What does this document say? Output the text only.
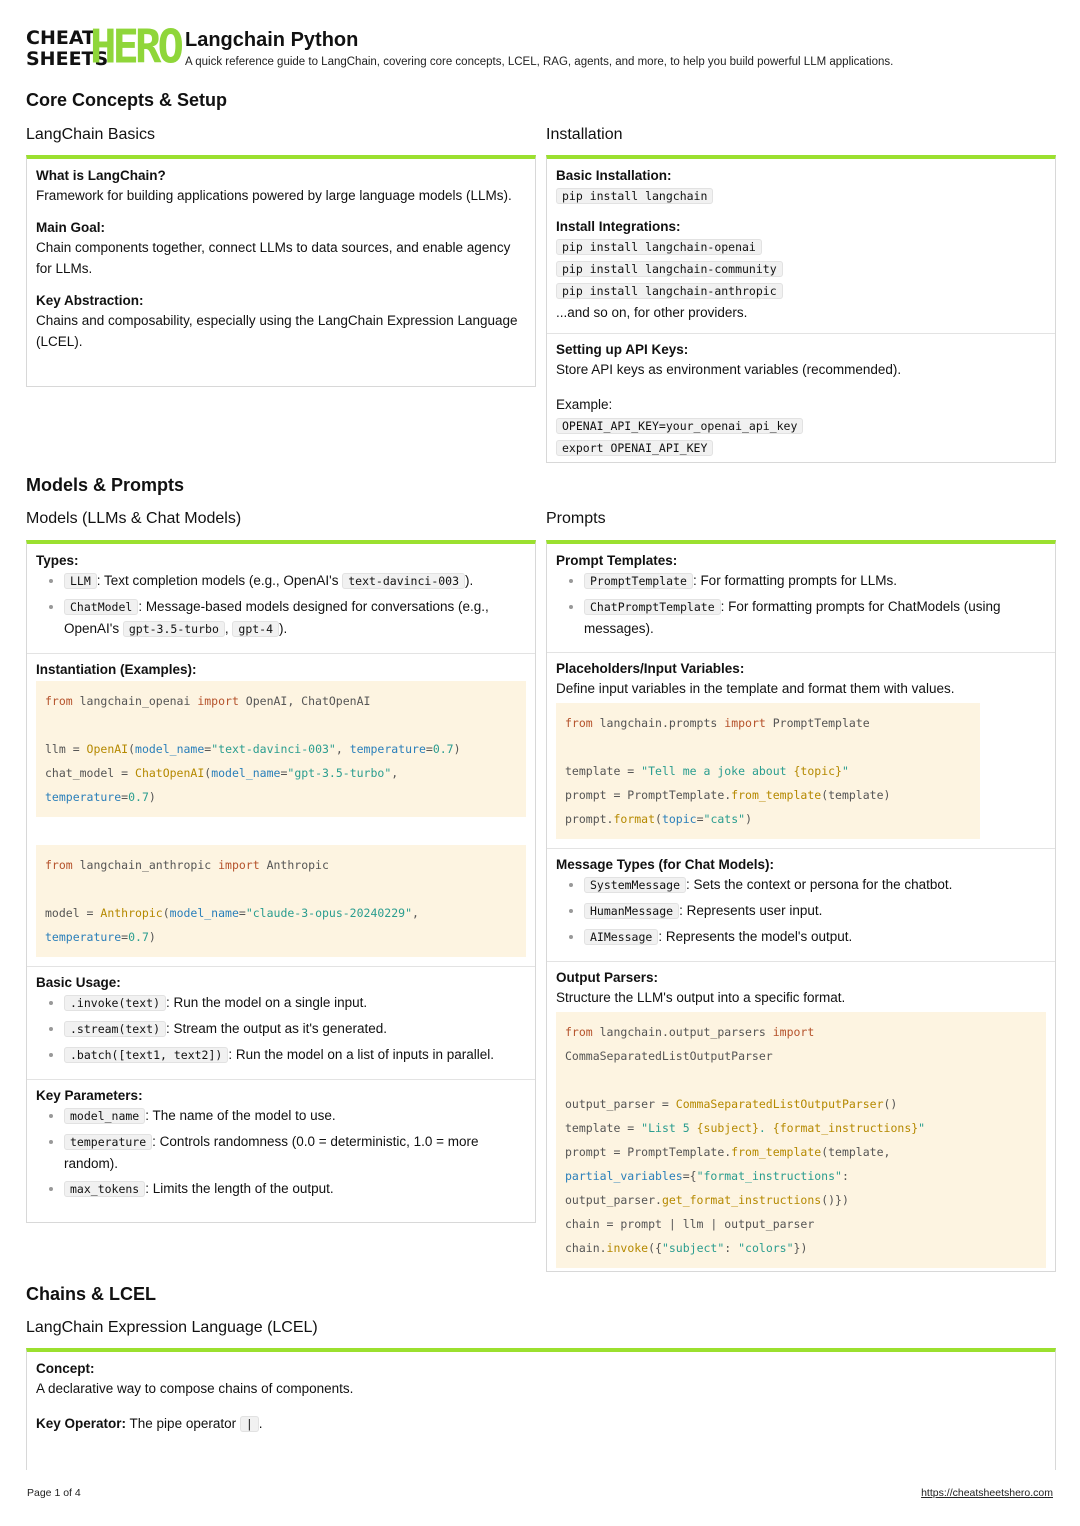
CHEAT
SHEETS
HERO Langchain Python
A quick reference guide to LangChain, covering core concepts, LCEL, RAG, agents, and more, to help you build powerful LLM applications.
Core Concepts & Setup
LangChain Basics	Installation
What is LangChain?
Framework for building applications powered by large language models (LLMs).
Main Goal:
Chain components together, connect LLMs to data sources, and enable agency for LLMs.
Key Abstraction:
Chains and composability, especially using the LangChain Expression Language (LCEL).
Basic Installation:
pip install langchain
Install Integrations:
pip install langchain-openai
pip install langchain-community
pip install langchain-anthropic
...and so on, for other providers.
Setting up API Keys:
Store API keys as environment variables (recommended).
Example:
OPENAI_API_KEY=your_openai_api_key
export OPENAI_API_KEY
Models & Prompts
Models (LLMs & Chat Models)	Prompts
Types:
• LLM : Text completion models (e.g., OpenAI's text-davinci-003 ).
• ChatModel : Message-based models designed for conversations (e.g., OpenAI's gpt-3.5-turbo , gpt-4 ).
Instantiation (Examples):
from langchain_openai import OpenAI, ChatOpenAI

llm = OpenAI(model_name="text-davinci-003", temperature=0.7)
chat_model = ChatOpenAI(model_name="gpt-3.5-turbo",
temperature=0.7)
from langchain_anthropic import Anthropic

model = Anthropic(model_name="claude-3-opus-20240229",
temperature=0.7)
Basic Usage:
• .invoke(text) : Run the model on a single input.
• .stream(text) : Stream the output as it's generated.
• .batch([text1, text2]) : Run the model on a list of inputs in parallel.
Key Parameters:
• model_name : The name of the model to use.
• temperature : Controls randomness (0.0 = deterministic, 1.0 = more random).
• max_tokens : Limits the length of the output.
Prompt Templates:
• PromptTemplate : For formatting prompts for LLMs.
• ChatPromptTemplate : For formatting prompts for ChatModels (using messages).
Placeholders/Input Variables:
Define input variables in the template and format them with values.
from langchain.prompts import PromptTemplate

template = "Tell me a joke about {topic}"
prompt = PromptTemplate.from_template(template)
prompt.format(topic="cats")
Message Types (for Chat Models):
• SystemMessage : Sets the context or persona for the chatbot.
• HumanMessage : Represents user input.
• AIMessage : Represents the model's output.
Output Parsers:
Structure the LLM's output into a specific format.
from langchain.output_parsers import
CommaSeparatedListOutputParser

output_parser = CommaSeparatedListOutputParser()
template = "List 5 {subject}. {format_instructions}"
prompt = PromptTemplate.from_template(template,
partial_variables={"format_instructions":
output_parser.get_format_instructions()})
chain = prompt | llm | output_parser
chain.invoke({"subject": "colors"})
Chains & LCEL
LangChain Expression Language (LCEL)
Concept:
A declarative way to compose chains of components.
Key Operator: The pipe operator | .
Page 1 of 4	https://cheatsheetshero.com
